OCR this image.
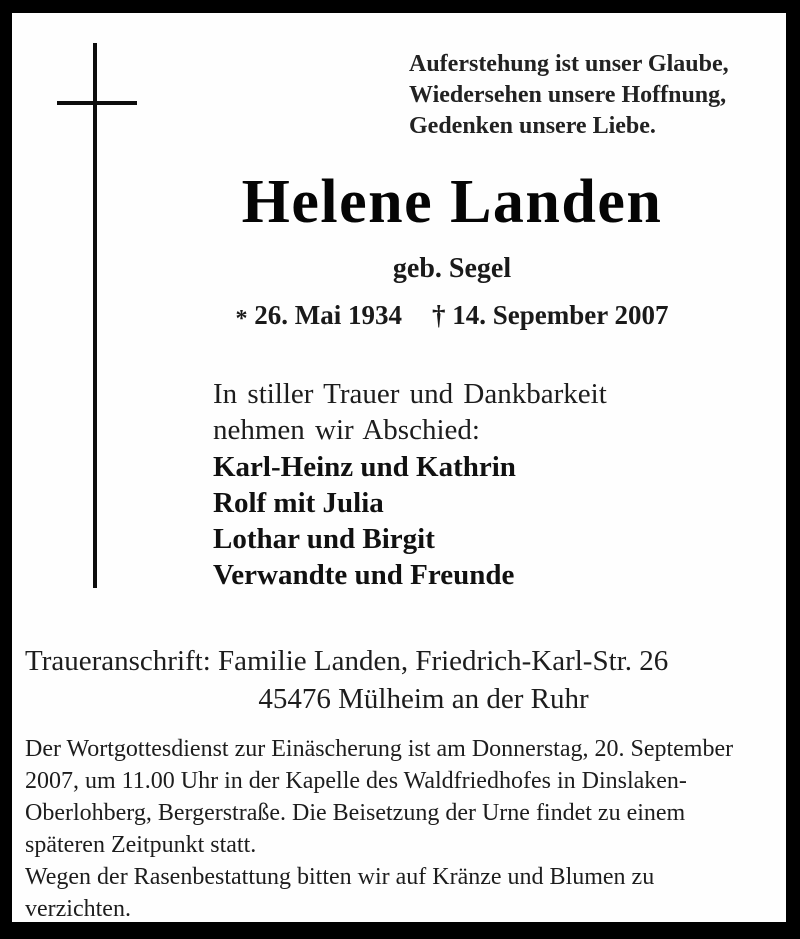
Auferstehung ist unser Glaube,
Wiedersehen unsere Hoffnung,
Gedenken unsere Liebe.
Helene Landen
geb. Segel
* 26. Mai 1934 † 14. Sepember 2007
In stiller Trauer und Dankbarkeit
nehmen wir Abschied:
Karl-Heinz und Kathrin
Rolf mit Julia
Lothar und Birgit
Verwandte und Freunde
Traueranschrift: Familie Landen, Friedrich-Karl-Str. 26
45476 Mülheim an der Ruhr
Der Wortgottesdienst zur Einäscherung ist am Donnerstag, 20. September
2007, um 11.00 Uhr in der Kapelle des Waldfriedhofes in Dinslaken-
Oberlohberg, Bergerstraße. Die Beisetzung der Urne findet zu einem
späteren Zeitpunkt statt.
Wegen der Rasenbestattung bitten wir auf Kränze und Blumen zu
verzichten.
